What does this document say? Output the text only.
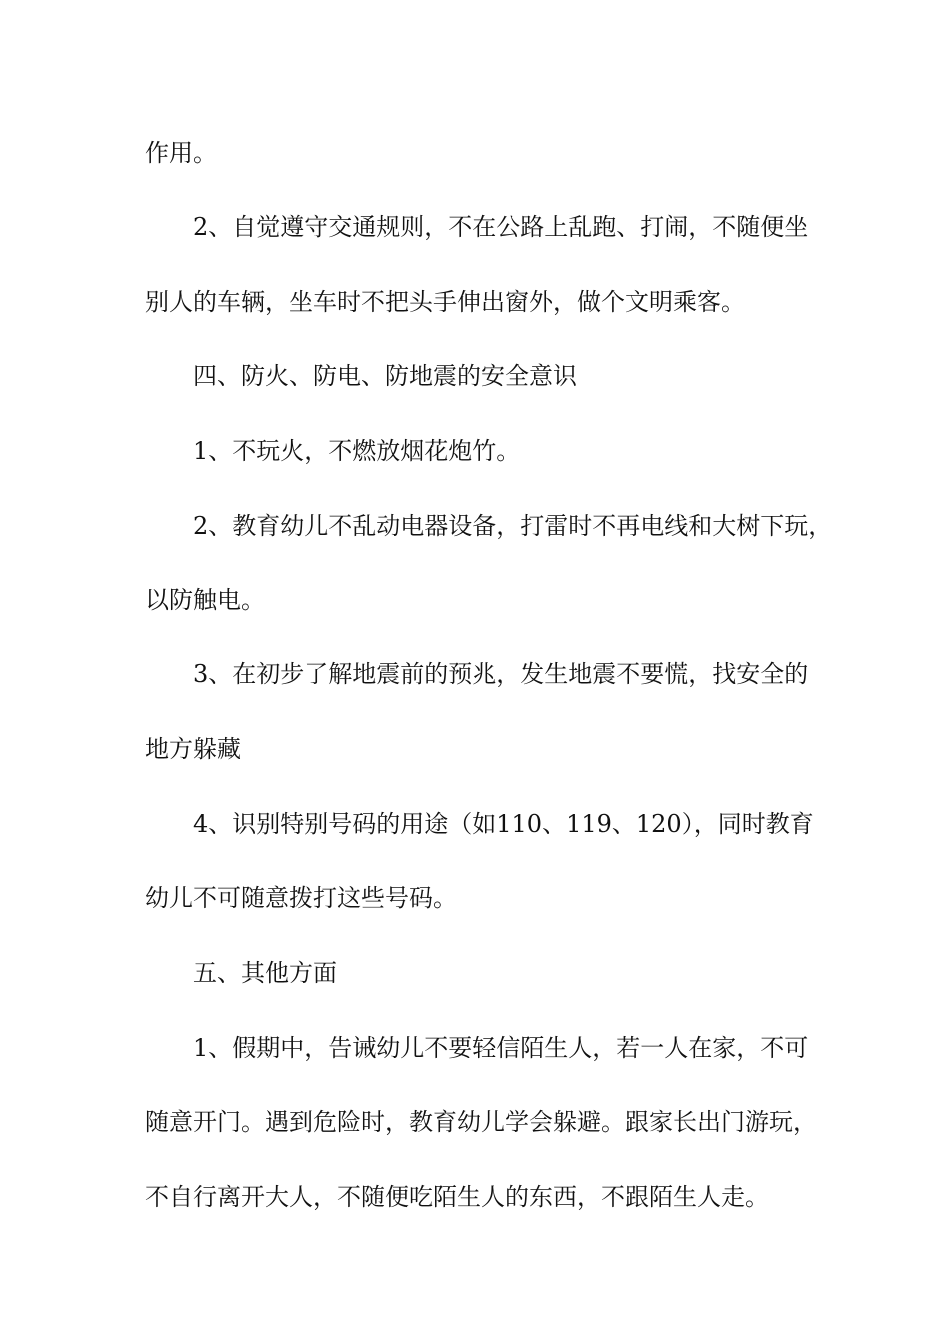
作用。
2、自觉遵守交通规则，不在公路上乱跑、打闹，不随便坐
别人的车辆，坐车时不把头手伸出窗外，做个文明乘客。
四、防火、防电、防地震的安全意识
1、不玩火，不燃放烟花炮竹。
2、教育幼儿不乱动电器设备，打雷时不再电线和大树下玩，
以防触电。
3、在初步了解地震前的预兆，发生地震不要慌，找安全的
地方躲藏
4、识别特别号码的用途（如110、119、120），同时教育
幼儿不可随意拨打这些号码。
五、其他方面
1、假期中，告诫幼儿不要轻信陌生人，若一人在家，不可
随意开门。遇到危险时，教育幼儿学会躲避。跟家长出门游玩，
不自行离开大人，不随便吃陌生人的东西，不跟陌生人走。
